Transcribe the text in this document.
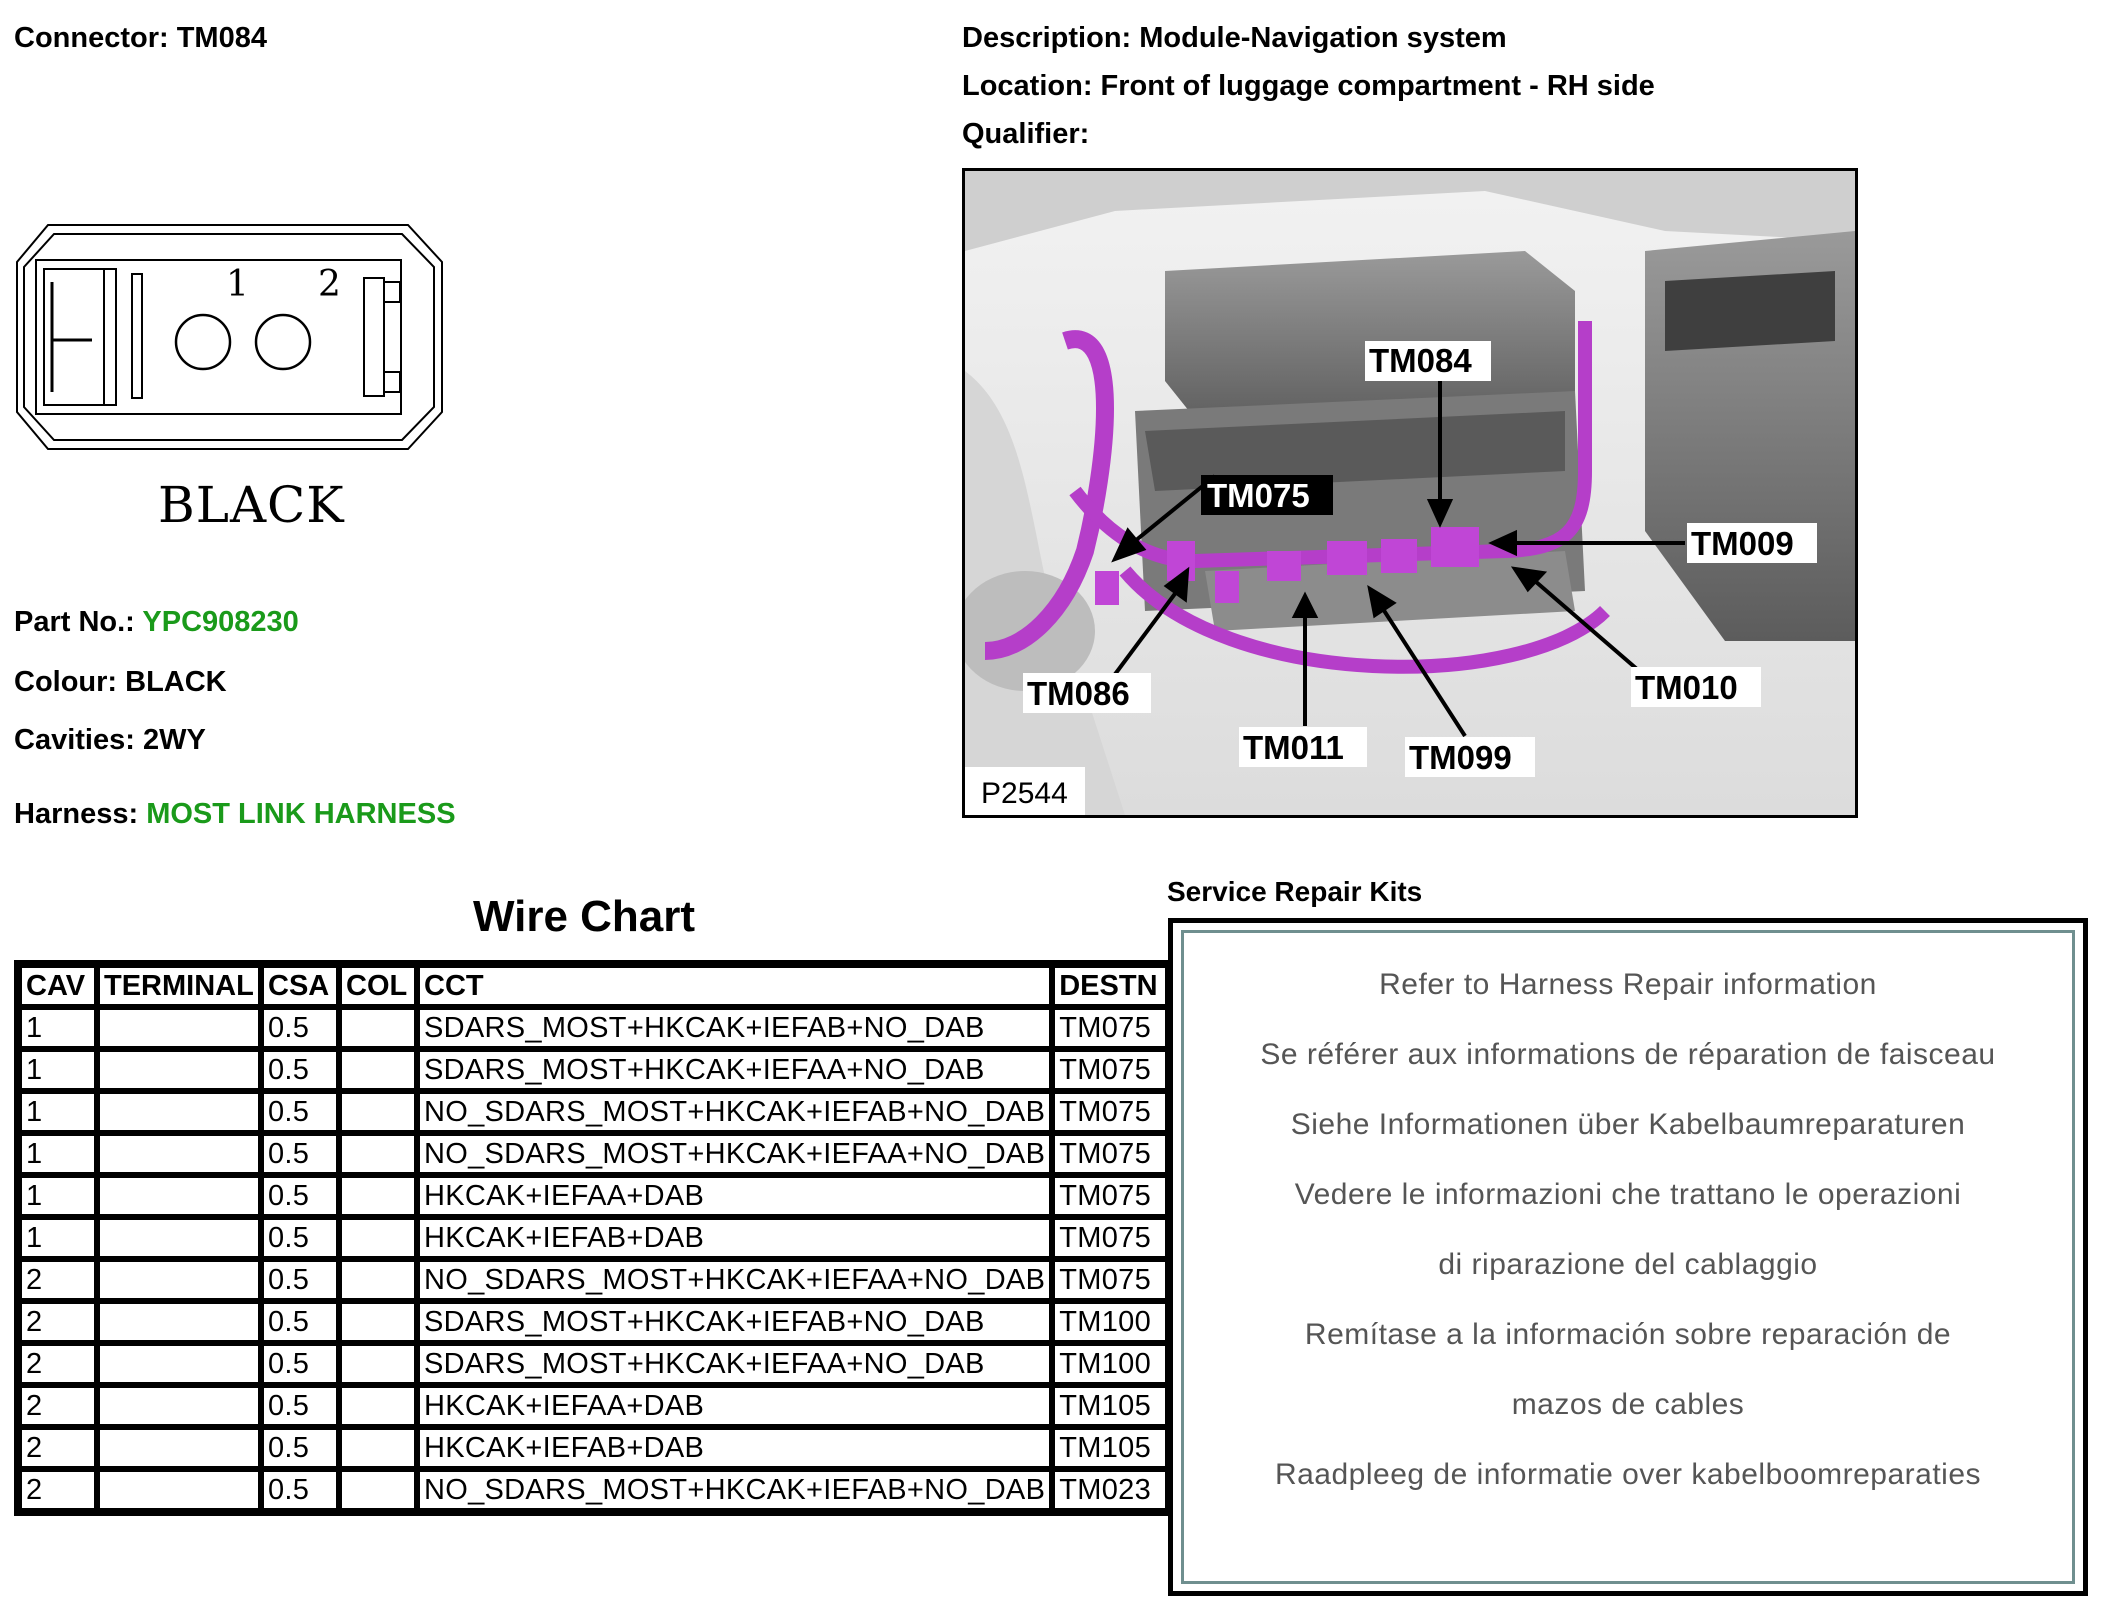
Connector: TM084	Description: Module-Navigation system
Location: Front of luggage compartment - RH side
Qualifier:
1 2
BLACK
Part No.: YPC908230
Colour: BLACK
Cavities: 2WY
Harness: MOST LINK HARNESS
TM084
TM075
TM009
TM086
TM011 TM099
TM010
P2544
Wire Chart
CAV	TERMINAL	CSA	COL	CCT	DESTN
1		0.5		SDARS_MOST+HKCAK+IEFAB+NO_DAB	TM075
1		0.5		SDARS_MOST+HKCAK+IEFAA+NO_DAB	TM075
1		0.5		NO_SDARS_MOST+HKCAK+IEFAB+NO_DAB	TM075
1		0.5		NO_SDARS_MOST+HKCAK+IEFAA+NO_DAB	TM075
1		0.5		HKCAK+IEFAA+DAB	TM075
1		0.5		HKCAK+IEFAB+DAB	TM075
2		0.5		NO_SDARS_MOST+HKCAK+IEFAA+NO_DAB	TM075
2		0.5		SDARS_MOST+HKCAK+IEFAB+NO_DAB	TM100
2		0.5		SDARS_MOST+HKCAK+IEFAA+NO_DAB	TM100
2		0.5		HKCAK+IEFAA+DAB	TM105
2		0.5		HKCAK+IEFAB+DAB	TM105
2		0.5		NO_SDARS_MOST+HKCAK+IEFAB+NO_DAB	TM023
Service Repair Kits
Refer to Harness Repair information
Se référer aux informations de réparation de faisceau
Siehe Informationen über Kabelbaumreparaturen
Vedere le informazioni che trattano le operazioni
di riparazione del cablaggio
Remítase a la información sobre reparación de
mazos de cables
Raadpleeg de informatie over kabelboomreparaties
